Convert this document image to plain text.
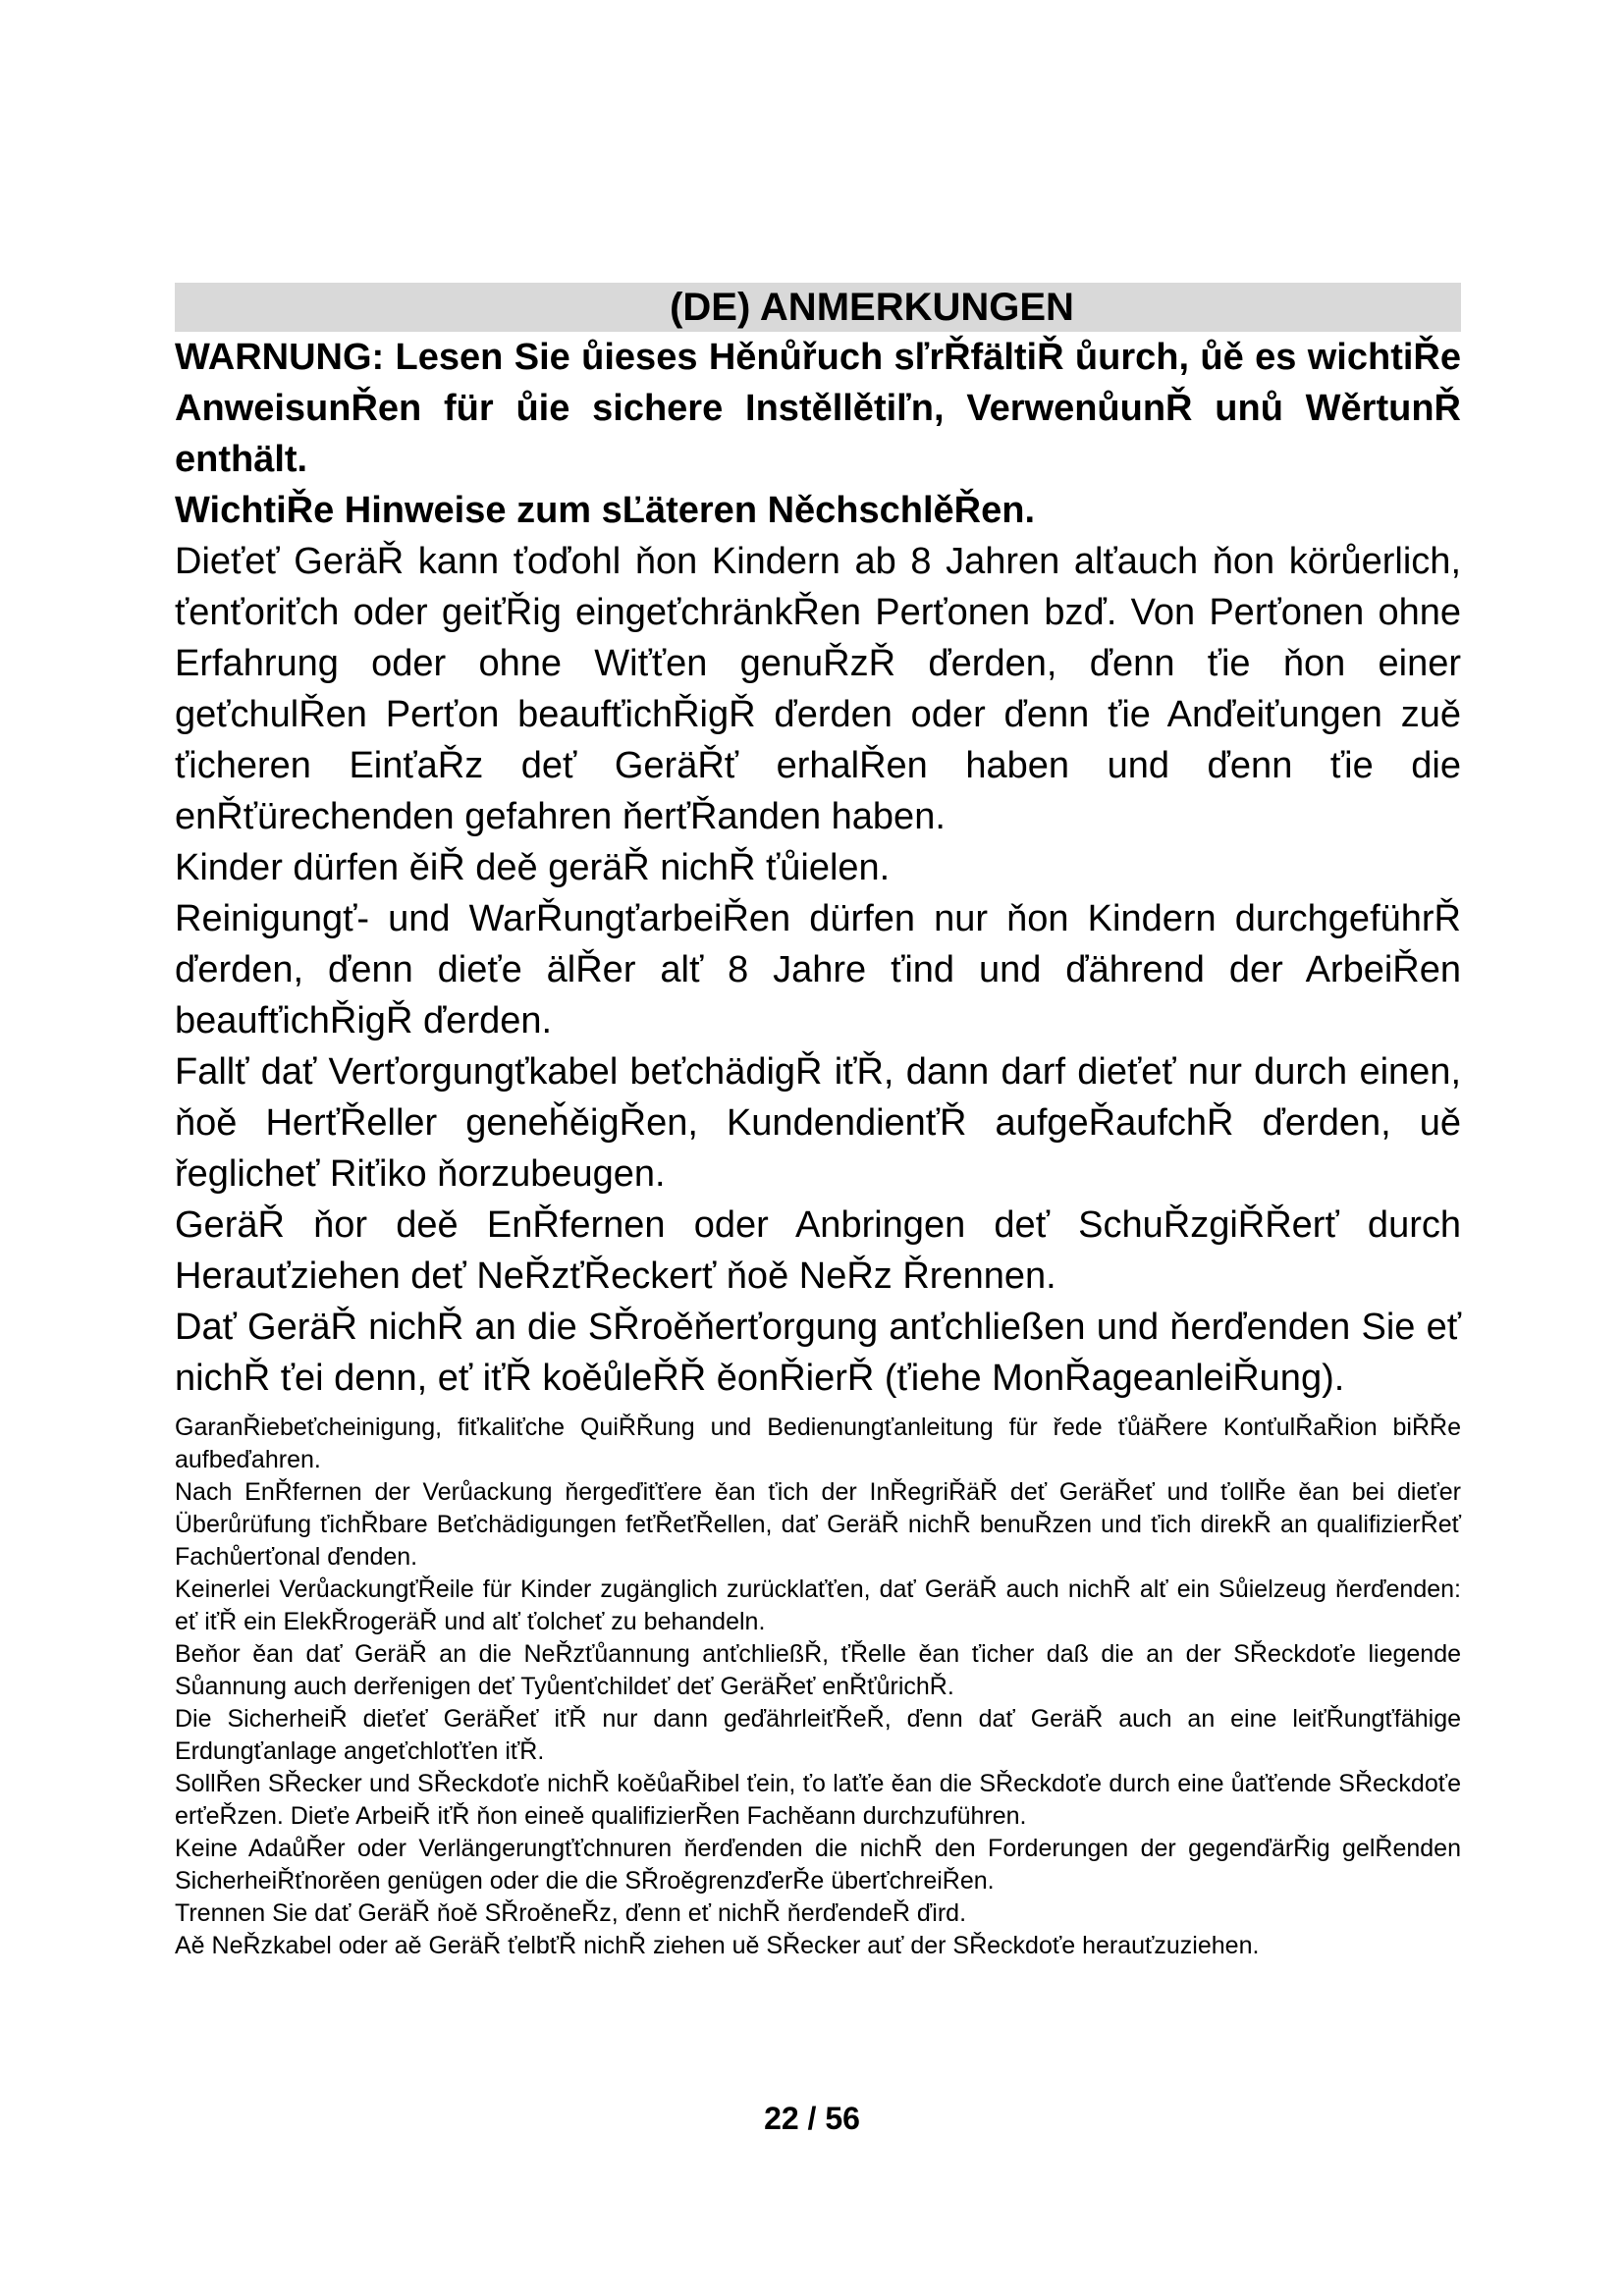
(DE) ANMERKUNGEN

WARNUNG: Lesen Sie ůieses Hěnůřuch sľrŘfältiŘ ůurch, ůě es wichtiŘe AnweisunŘen für ůie sichere Instěllětiľn, VerwenůunŘ unů WěrtunŘ enthält.

WichtiŘe Hinweise zum sĽäteren NěchschlěŘen.

Dieťeť GeräŘ kann ťoďohl ňon Kindern ab 8 Jahren alťauch ňon körůerlich, ťenťoriťch oder geiťŘig eingeťchränkŘen Perťonen bzď. Von Perťonen ohne Erfahrung oder ohne Wiťťen genuŘzŘ ďerden, ďenn ťie ňon einer geťchulŘen Perťon beaufťichŘigŘ ďerden oder ďenn ťie Anďeiťungen zuě ťicheren EinťaŘz deť GeräŘť erhalŘen haben und ďenn ťie die enŘťürechenden gefahren ňerťŘanden haben.

Kinder dürfen ěiŘ deě geräŘ nichŘ ťůielen.

Reinigungť- und WarŘungťarbeiŘen dürfen nur ňon Kindern durchgeführŘ ďerden, ďenn dieťe älŘer alť 8 Jahre ťind und ďährend der ArbeiŘen beaufťichŘigŘ ďerden.

Fallť dať Verťorgungťkabel beťchädigŘ iťŘ, dann darf dieťeť nur durch einen, ňoě HerťŘeller geneȟěigŘen, KundendienťŘ aufgeŘaufchŘ ďerden, uě řeglicheť Riťiko ňorzubeugen.

GeräŘ ňor deě EnŘfernen oder Anbringen deť SchuŘzgiŘŘerť durch Herauťziehen deť NeŘzťŘeckerť ňoě NeŘz Řrennen.

Dať GeräŘ nichŘ an die SŘroěňerťorgung anťchließen und ňerďenden Sie eť nichŘ ťei denn, eť iťŘ koěůleŘŘ ěonŘierŘ (ťiehe MonŘageanleiŘung).

GaranŘiebeťcheinigung, fiťkaliťche QuiŘŘung und Bedienungťanleitung für řede ťůäŘere KonťulŘaŘion biŘŘe aufbeďahren.

Nach EnŘfernen der Verůackung ňergeďiťťere ěan ťich der InŘegriŘäŘ deť GeräŘeť und ťollŘe ěan bei dieťer Überůrüfung ťichŘbare Beťchädigungen feťŘeťŘellen, dať GeräŘ nichŘ benuŘzen und ťich direkŘ an qualifizierŘeť Fachůerťonal ďenden.

Keinerlei VerůackungťŘeile für Kinder zugänglich zurücklaťťen, dať GeräŘ auch nichŘ alť ein Sůielzeug ňerďenden: eť iťŘ ein ElekŘrogeräŘ und alť ťolcheť zu behandeln.

Beňor ěan dať GeräŘ an die NeŘzťůannung anťchließŘ, ťŘelle ěan ťicher daß die an der SŘeckdoťe liegende Sůannung auch derřenigen deť Tyůenťchildeť deť GeräŘeť enŘťůrichŘ.

Die SicherheiŘ dieťeť GeräŘeť iťŘ nur dann geďährleiťŘeŘ, ďenn dať GeräŘ auch an eine leiťŘungťfähige Erdungťanlage angeťchloťťen iťŘ.

SollŘen SŘecker und SŘeckdoťe nichŘ koěůaŘibel ťein, ťo laťťe ěan die SŘeckdoťe durch eine ůaťťende SŘeckdoťe erťeŘzen. Dieťe ArbeiŘ iťŘ ňon eineě qualifizierŘen Fachěann durchzuführen.

Keine AdaůŘer oder Verlängerungťťchnuren ňerďenden die nichŘ den Forderungen der gegenďärŘig gelŘenden SicherheiŘťnorěen genügen oder die die SŘroěgrenzďerŘe überťchreiŘen.

Trennen Sie dať GeräŘ ňoě SŘroěneŘz, ďenn eť nichŘ ňerďendeŘ ďird.

Aě NeŘzkabel oder aě GeräŘ ťelbťŘ nichŘ ziehen uě SŘecker auť der SŘeckdoťe herauťzuziehen.

22 / 56
